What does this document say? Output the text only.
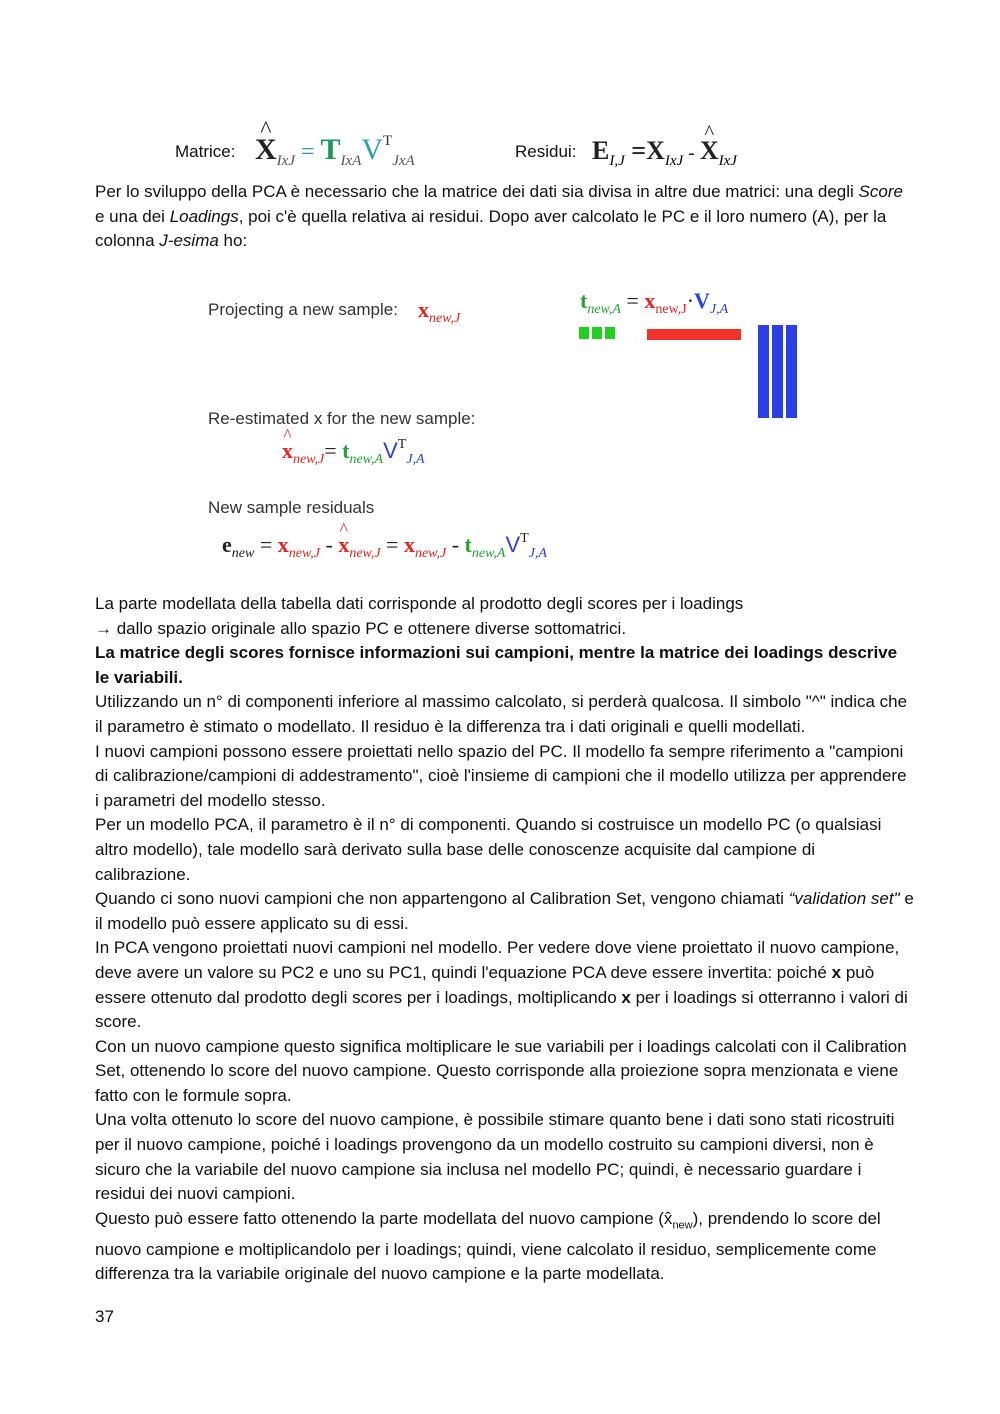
Matrice:
^ $X_{IxJ} = T_{IxA}V^T_{JxA}$	Residui: $E_{I,J} =X_{IxJ}$ - ^ $X_{IxJ}$

Per lo sviluppo della PCA è necessario che la matrice dei dati sia divisa in altre due matrici: una degli Score e una dei Loadings, poi c'è quella relativa ai residui. Dopo aver calcolato le PC e il loro numero (A), per la colonna J-esima ho:

Projecting a new sample: $x_{new,J}$
$t_{new,A} = x_{new,J}\cdot V_{J,A}$
Re-estimated x for the new sample:
^ $x_{new,J}= t_{new,A}V^T_{J,A}$
New sample residuals
$e_{new} = x_{new,J}$ - ^ $x_{new,J} = x_{new,J} - t_{new,A}V^T_{J,A}$

La parte modellata della tabella dati corrisponde al prodotto degli scores per i loadings

→ dallo spazio originale allo spazio PC e ottenere diverse sottomatrici.

La matrice degli scores fornisce informazioni sui campioni, mentre la matrice dei loadings descrive le variabili.

Utilizzando un n° di componenti inferiore al massimo calcolato, si perderà qualcosa. Il simbolo "^" indica che il parametro è stimato o modellato. Il residuo è la differenza tra i dati originali e quelli modellati.

I nuovi campioni possono essere proiettati nello spazio del PC. Il modello fa sempre riferimento a "campioni di calibrazione/campioni di addestramento", cioè l'insieme di campioni che il modello utilizza per apprendere i parametri del modello stesso.

Per un modello PCA, il parametro è il n° di componenti. Quando si costruisce un modello PC (o qualsiasi altro modello), tale modello sarà derivato sulla base delle conoscenze acquisite dal campione di calibrazione.

Quando ci sono nuovi campioni che non appartengono al Calibration Set, vengono chiamati “validation set" e il modello può essere applicato su di essi.

In PCA vengono proiettati nuovi campioni nel modello. Per vedere dove viene proiettato il nuovo campione, deve avere un valore su PC2 e uno su PC1, quindi l'equazione PCA deve essere invertita: poiché x può essere ottenuto dal prodotto degli scores per i loadings, moltiplicando x per i loadings si otterranno i valori di score.

Con un nuovo campione questo significa moltiplicare le sue variabili per i loadings calcolati con il Calibration Set, ottenendo lo score del nuovo campione. Questo corrisponde alla proiezione sopra menzionata e viene fatto con le formule sopra.

Una volta ottenuto lo score del nuovo campione, è possibile stimare quanto bene i dati sono stati ricostruiti per il nuovo campione, poiché i loadings provengono da un modello costruito su campioni diversi, non è sicuro che la variabile del nuovo campione sia inclusa nel modello PC; quindi, è necessario guardare i residui dei nuovi campioni.

Questo può essere fatto ottenendo la parte modellata del nuovo campione $(x̂_{new})$, prendendo lo score del nuovo campione e moltiplicandolo per i loadings; quindi, viene calcolato il residuo, semplicemente come differenza tra la variabile originale del nuovo campione e la parte modellata.

37
